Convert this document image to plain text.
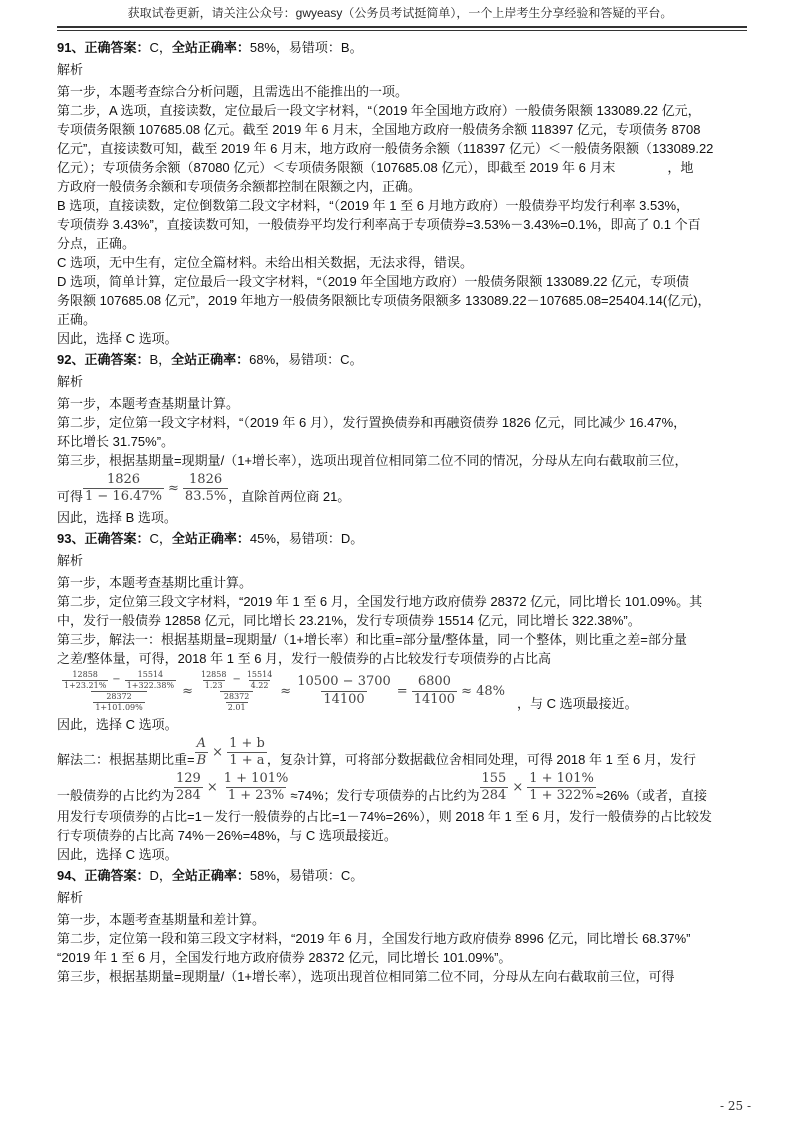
获取试卷更新，请关注公众号：gwyeasy（公务员考试挺简单），一个上岸考生分享经验和答疑的平台。
91、正确答案：C，全站正确率：58%，易错项：B。
解析
第一步，本题考查综合分析问题，且需选出不能推出的一项。
第二步，A 选项，直接读数，定位最后一段文字材料，“（2019 年全国地方政府）一般债务限额 133089.22 亿元，
专项债务限额 107685.08 亿元。截至 2019 年 6 月末，全国地方政府一般债务余额 118397 亿元，专项债务 8708
亿元”，直接读数可知，截至 2019 年 6 月末，地方政府一般债务余额（118397 亿元）＜一般债务限额（133089.22
亿元）；专项债务余额（87080 亿元）＜专项债务限额（107685.08 亿元），即截至 2019 年 6 月末　　　　，地
方政府一般债务余额和专项债务余额都控制在限额之内，正确。
B 选项，直接读数，定位倒数第二段文字材料，“（2019 年 1 至 6 月地方政府）一般债券平均发行利率 3.53%，
专项债券 3.43%”，直接读数可知，一般债券平均发行利率高于专项债券=3.53%－3.43%=0.1%，即高了 0.1 个百
分点，正确。
C 选项，无中生有，定位全篇材料。未给出相关数据，无法求得，错误。
D 选项，简单计算，定位最后一段文字材料，“（2019 年全国地方政府）一般债务限额 133089.22 亿元，专项债
务限额 107685.08 亿元”，2019 年地方一般债务限额比专项债务限额多 133089.22－107685.08=25404.14(亿元)，
正确。
因此，选择 C 选项。
92、正确答案：B，全站正确率：68%，易错项：C。
解析
第一步，本题考查基期量计算。
第二步，定位第一段文字材料，“（2019 年 6 月），发行置换债券和再融资债券 1826 亿元，同比减少 16.47%，
环比增长 31.75%”。
第三步，根据基期量=现期量/（1+增长率），选项出现首位相同第二位不同的情况，分母从左向右截取前三位，
可得 $\frac{1826}{1 - 16.47\%} \approx \frac{1826}{83.5\%}$ ，直除首两位商 21。
因此，选择 B 选项。
93、正确答案：C，全站正确率：45%，易错项：D。
解析
第一步，本题考查基期比重计算。
第二步，定位第三段文字材料，“2019 年 1 至 6 月，全国发行地方政府债券 28372 亿元，同比增长 101.09%。其
中，发行一般债券 12858 亿元，同比增长 23.21%，发行专项债券 15514 亿元，同比增长 322.38%”。
第三步，解法一：根据基期量=现期量/（1+增长率）和比重=部分量/整体量，同一个整体，则比重之差=部分量
之差/整体量，可得，2018 年 1 至 6 月，发行一般债券的占比较发行专项债券的占比高
$\frac{\frac{12858}{1+23.21\%} - \frac{15514}{1+322.38\%}}{\frac{28372}{1+101.09\%}} \approx \frac{\frac{12858}{1.23} - \frac{15514}{4.22}}{\frac{28372}{2.01}} \approx \frac{10500 - 3700}{14100} = \frac{6800}{14100} \approx 48\%$
，与 C 选项最接近。
因此，选择 C 选项。
解法二：根据基期比重= $\frac{A}{B} \times \frac{1 + b}{1 + a}$ ，复杂计算，可将部分数据截位舍相同处理，可得 2018 年 1 至 6 月，发行
一般债券的占比约为 $\frac{129}{284} \times \frac{1 + 101\%}{1 + 23\%} \approx 74\%$；发行专项债券的占比约为 $\frac{155}{284} \times \frac{1 + 101\%}{1 + 322\%} \approx 26\%$（或者，直接
用发行专项债券的占比=1－发行一般债券的占比=1－74%=26%），则 2018 年 1 至 6 月，发行一般债券的占比较发
行专项债券的占比高 74%－26%=48%，与 C 选项最接近。
因此，选择 C 选项。
94、正确答案：D，全站正确率：58%，易错项：C。
解析
第一步，本题考查基期量和差计算。
第二步，定位第一段和第三段文字材料，“2019 年 6 月，全国发行地方政府债券 8996 亿元，同比增长 68.37%”
“2019 年 1 至 6 月，全国发行地方政府债券 28372 亿元，同比增长 101.09%”。
第三步，根据基期量=现期量/（1+增长率），选项出现首位相同第二位不同，分母从左向右截取前三位，可得
- 25 -
